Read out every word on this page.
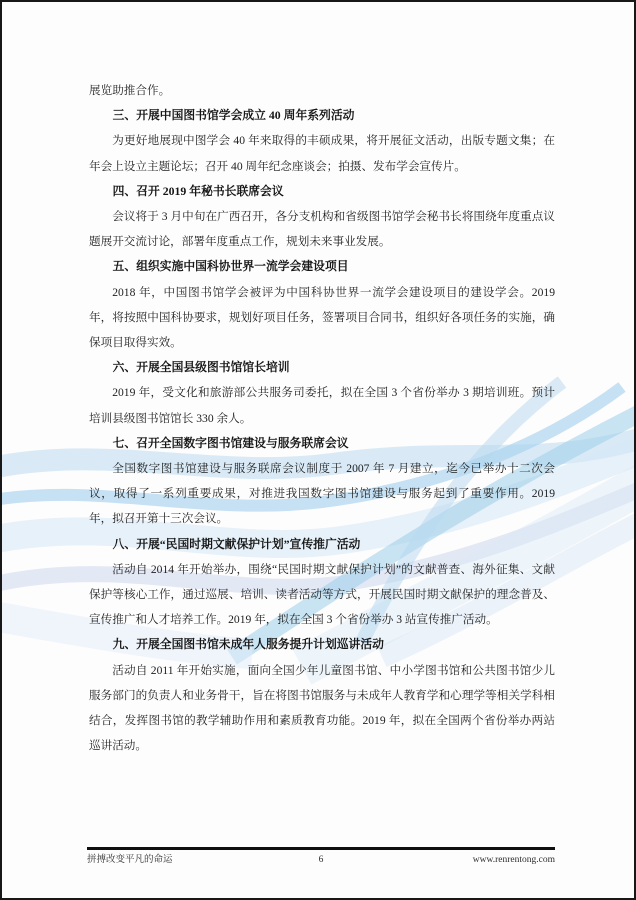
展览助推合作。

三、开展中国图书馆学会成立 40 周年系列活动

为更好地展现中图学会 40 年来取得的丰硕成果，将开展征文活动，出版专题文集；在年会上设立主题论坛；召开 40 周年纪念座谈会；拍摄、发布学会宣传片。

四、召开 2019 年秘书长联席会议

会议将于 3 月中旬在广西召开，各分支机构和省级图书馆学会秘书长将围绕年度重点议题展开交流讨论，部署年度重点工作，规划未来事业发展。

五、组织实施中国科协世界一流学会建设项目

2018 年，中国图书馆学会被评为中国科协世界一流学会建设项目的建设学会。2019 年，将按照中国科协要求，规划好项目任务，签署项目合同书，组织好各项任务的实施，确保项目取得实效。

六、开展全国县级图书馆馆长培训

2019 年，受文化和旅游部公共服务司委托，拟在全国 3 个省份举办 3 期培训班。预计培训县级图书馆馆长 330 余人。

七、召开全国数字图书馆建设与服务联席会议

全国数字图书馆建设与服务联席会议制度于 2007 年 7 月建立，迄今已举办十二次会议，取得了一系列重要成果，对推进我国数字图书馆建设与服务起到了重要作用。2019 年，拟召开第十三次会议。

八、开展“民国时期文献保护计划”宣传推广活动

活动自 2014 年开始举办，围绕“民国时期文献保护计划”的文献普查、海外征集、文献保护等核心工作，通过巡展、培训、读者活动等方式，开展民国时期文献保护的理念普及、宣传推广和人才培养工作。2019 年，拟在全国 3 个省份举办 3 站宣传推广活动。

九、开展全国图书馆未成年人服务提升计划巡讲活动

活动自 2011 年开始实施，面向全国少年儿童图书馆、中小学图书馆和公共图书馆少儿服务部门的负责人和业务骨干，旨在将图书馆服务与未成年人教育学和心理学等相关学科相结合，发挥图书馆的教学辅助作用和素质教育功能。2019 年，拟在全国两个省份举办两站巡讲活动。

拼搏改变平凡的命运	6	www.renrentong.com
